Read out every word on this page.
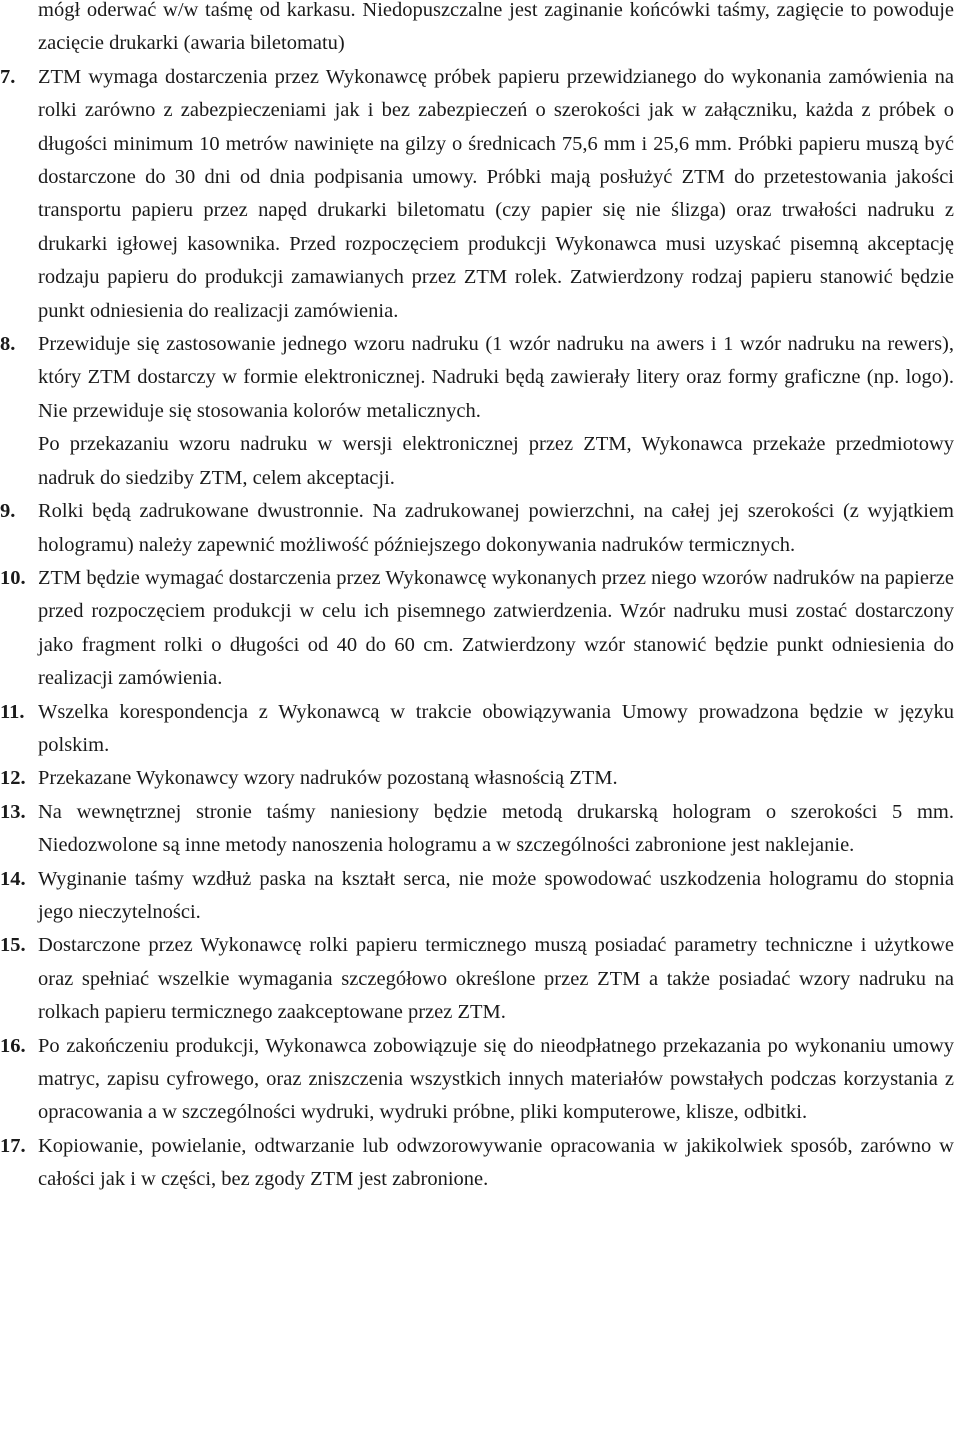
mógł oderwać w/w taśmę od karkasu. Niedopuszczalne jest zaginanie końcówki taśmy, zagięcie to powoduje zacięcie drukarki (awaria biletomatu)

7.	ZTM wymaga dostarczenia przez Wykonawcę próbek papieru przewidzianego do wykonania zamówienia na rolki zarówno z zabezpieczeniami jak i bez zabezpieczeń o szerokości jak w załączniku, każda z próbek o długości minimum 10 metrów nawinięte na gilzy o średnicach 75,6 mm i 25,6 mm. Próbki papieru muszą być dostarczone do 30 dni od dnia podpisania umowy. Próbki mają posłużyć ZTM do przetestowania jakości transportu papieru przez napęd drukarki biletomatu (czy papier się nie ślizga) oraz trwałości nadruku z drukarki igłowej kasownika. Przed rozpoczęciem produkcji Wykonawca musi uzyskać pisemną akceptację rodzaju papieru do produkcji zamawianych przez ZTM rolek. Zatwierdzony rodzaj papieru stanowić będzie punkt odniesienia do realizacji zamówienia.
8.	Przewiduje się zastosowanie jednego wzoru nadruku (1 wzór nadruku na awers i 1 wzór nadruku na rewers), który ZTM dostarczy w formie elektronicznej. Nadruki będą zawierały litery oraz formy graficzne (np. logo). Nie przewiduje się stosowania kolorów metalicznych.
Po przekazaniu wzoru nadruku w wersji elektronicznej przez ZTM, Wykonawca przekaże przedmiotowy nadruk do siedziby ZTM, celem akceptacji.
9.	Rolki będą zadrukowane dwustronnie. Na zadrukowanej powierzchni, na całej jej szerokości (z wyjątkiem hologramu) należy zapewnić możliwość późniejszego dokonywania nadruków termicznych.
10. ZTM będzie wymagać dostarczenia przez Wykonawcę wykonanych przez niego wzorów nadruków na papierze przed rozpoczęciem produkcji w celu ich pisemnego zatwierdzenia. Wzór nadruku musi zostać dostarczony jako fragment rolki o długości od 40 do 60 cm. Zatwierdzony wzór stanowić będzie punkt odniesienia do realizacji zamówienia.
11. Wszelka korespondencja z Wykonawcą w trakcie obowiązywania Umowy prowadzona będzie w języku polskim.
12. Przekazane Wykonawcy wzory nadruków pozostaną własnością ZTM.
13. Na wewnętrznej stronie taśmy naniesiony będzie metodą drukarską hologram o szerokości 5 mm. Niedozwolone są inne metody nanoszenia hologramu a w szczególności zabronione jest naklejanie.
14. Wyginanie taśmy wzdłuż paska na kształt serca, nie może spowodować uszkodzenia hologramu do stopnia jego nieczytelności.
15. Dostarczone przez Wykonawcę rolki papieru termicznego muszą posiadać parametry techniczne i użytkowe oraz spełniać wszelkie wymagania szczegółowo określone przez ZTM a także posiadać wzory nadruku na rolkach papieru termicznego zaakceptowane przez ZTM.
16. Po zakończeniu produkcji, Wykonawca zobowiązuje się do nieodpłatnego przekazania po wykonaniu umowy matryc, zapisu cyfrowego, oraz zniszczenia wszystkich innych materiałów powstałych podczas korzystania z opracowania a w szczególności wydruki, wydruki próbne, pliki komputerowe, klisze, odbitki.
17. Kopiowanie, powielanie, odtwarzanie lub odwzorowywanie opracowania w jakikolwiek sposób, zarówno w całości jak i w części, bez zgody ZTM jest zabronione.
